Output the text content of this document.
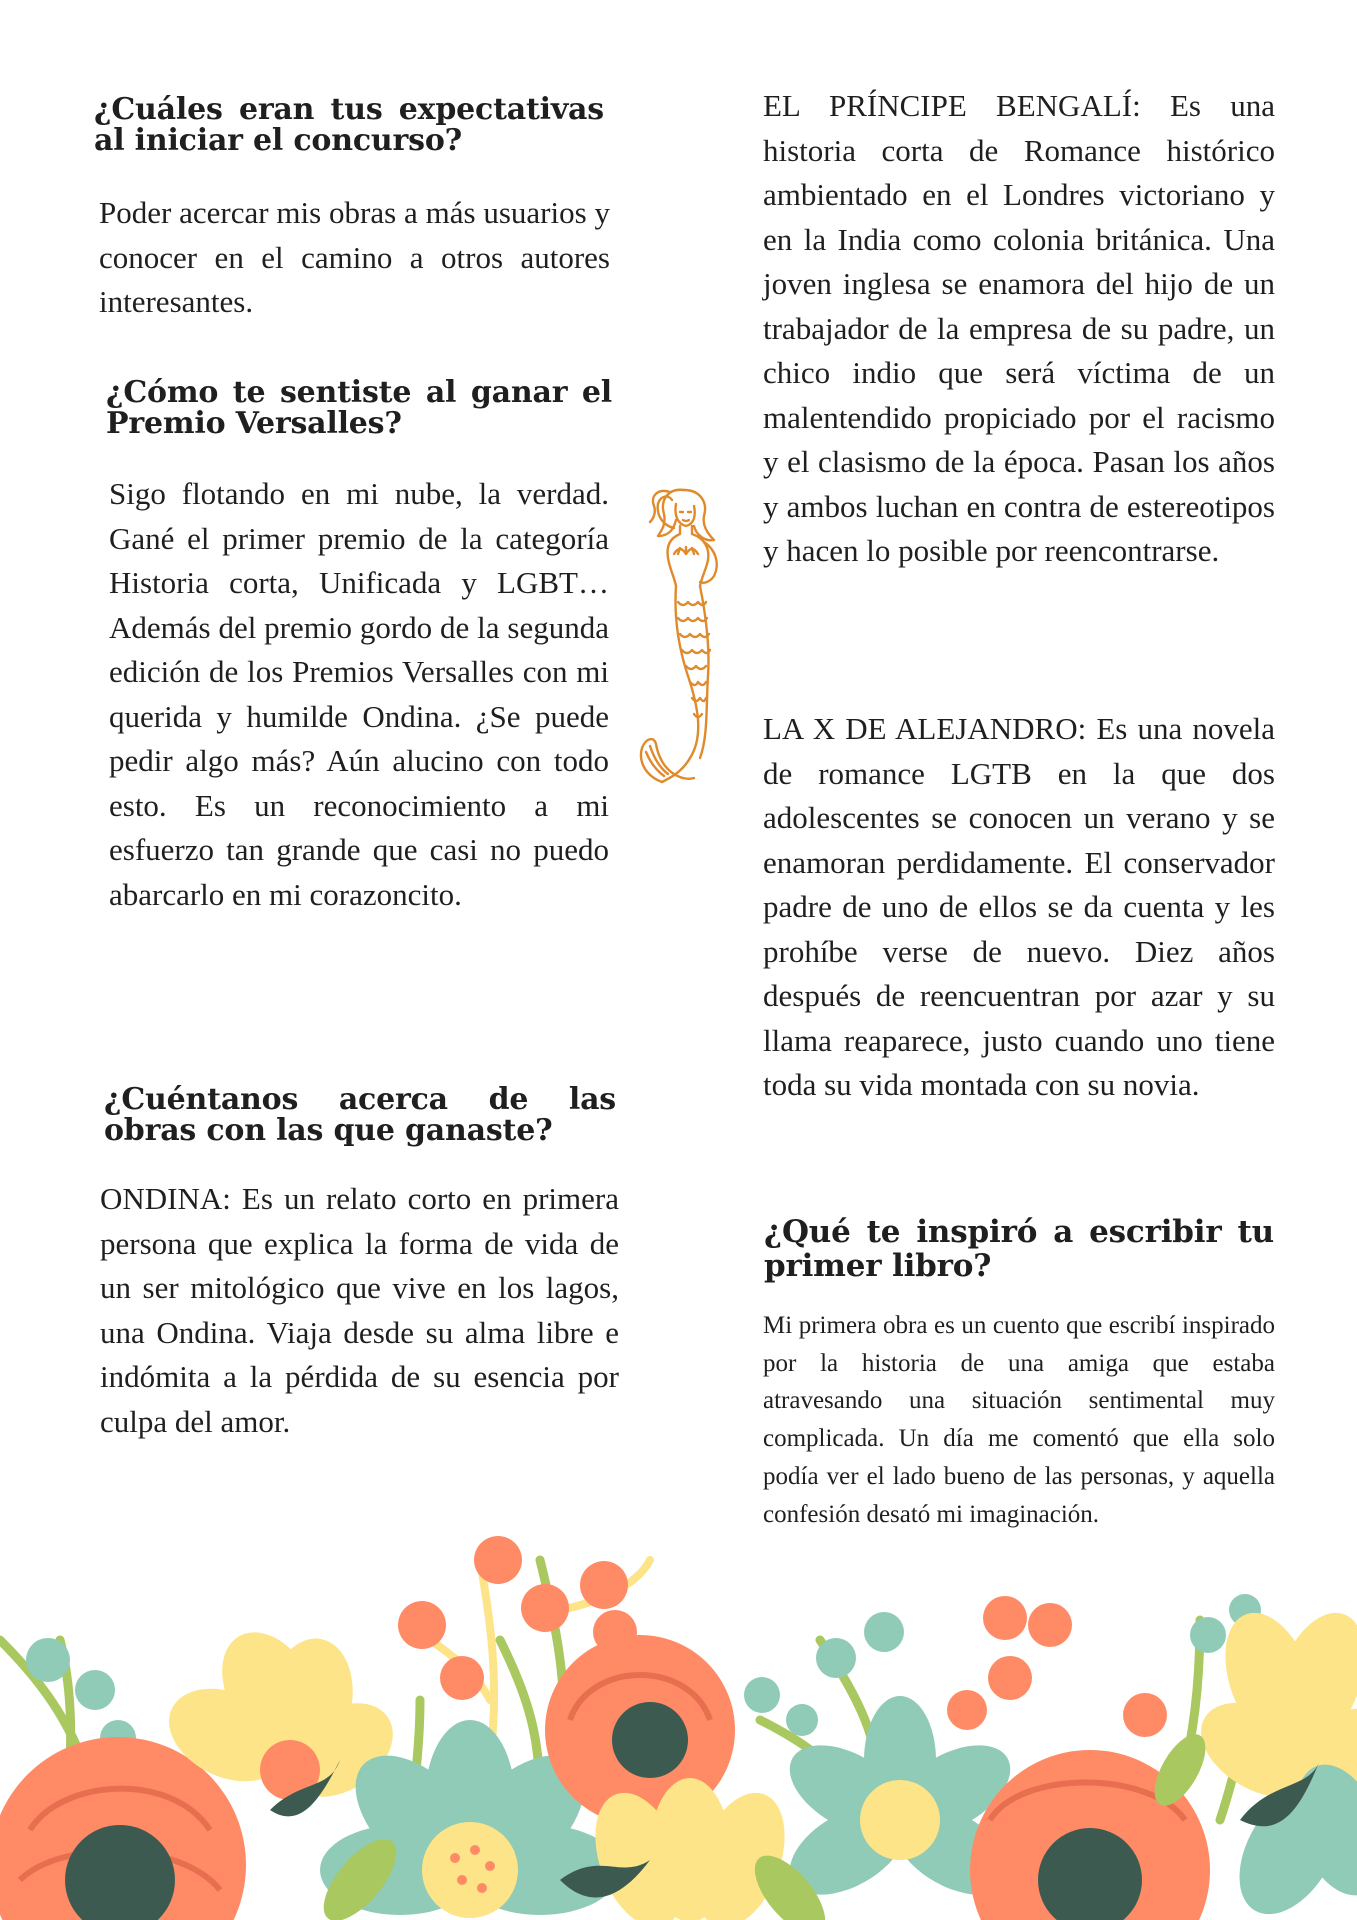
¿Cuáles eran tus expectativas al iniciar el concurso?

Poder acercar mis obras a más usuarios y conocer en el camino a otros autores interesantes.

¿Cómo te sentiste al ganar el Premio Versalles?

Sigo flotando en mi nube, la verdad. Gané el primer premio de la categoría Historia corta, Unificada y LGBT… Además del premio gordo de la segunda edición de los Premios Versalles con mi querida y humilde Ondina. ¿Se puede pedir algo más? Aún alucino con todo esto. Es un reconocimiento a mi esfuerzo tan grande que casi no puedo abarcarlo en mi corazoncito.

¿Cuéntanos acerca de las obras con las que ganaste?

ONDINA: Es un relato corto en primera persona que explica la forma de vida de un ser mitológico que vive en los lagos, una Ondina. Viaja desde su alma libre e indómita a la pérdida de su esencia por culpa del amor.

EL PRÍNCIPE BENGALÍ: Es una historia corta de Romance histórico ambientado en el Londres victoriano y en la India como colonia británica. Una joven inglesa se enamora del hijo de un trabajador de la empresa de su padre, un chico indio que será víctima de un malentendido propiciado por el racismo y el clasismo de la época. Pasan los años y ambos luchan en contra de estereotipos y hacen lo posible por reencontrarse.

LA X DE ALEJANDRO: Es una novela de romance LGTB en la que dos adolescentes se conocen un verano y se enamoran perdidamente. El conservador padre de uno de ellos se da cuenta y les prohíbe verse de nuevo. Diez años después de reencuentran por azar y su llama reaparece, justo cuando uno tiene toda su vida montada con su novia.

¿Qué te inspiró a escribir tu primer libro?

Mi primera obra es un cuento que escribí inspirado por la historia de una amiga que estaba atravesando una situación sentimental muy complicada. Un día me comentó que ella solo podía ver el lado bueno de las personas, y aquella confesión desató mi imaginación.
